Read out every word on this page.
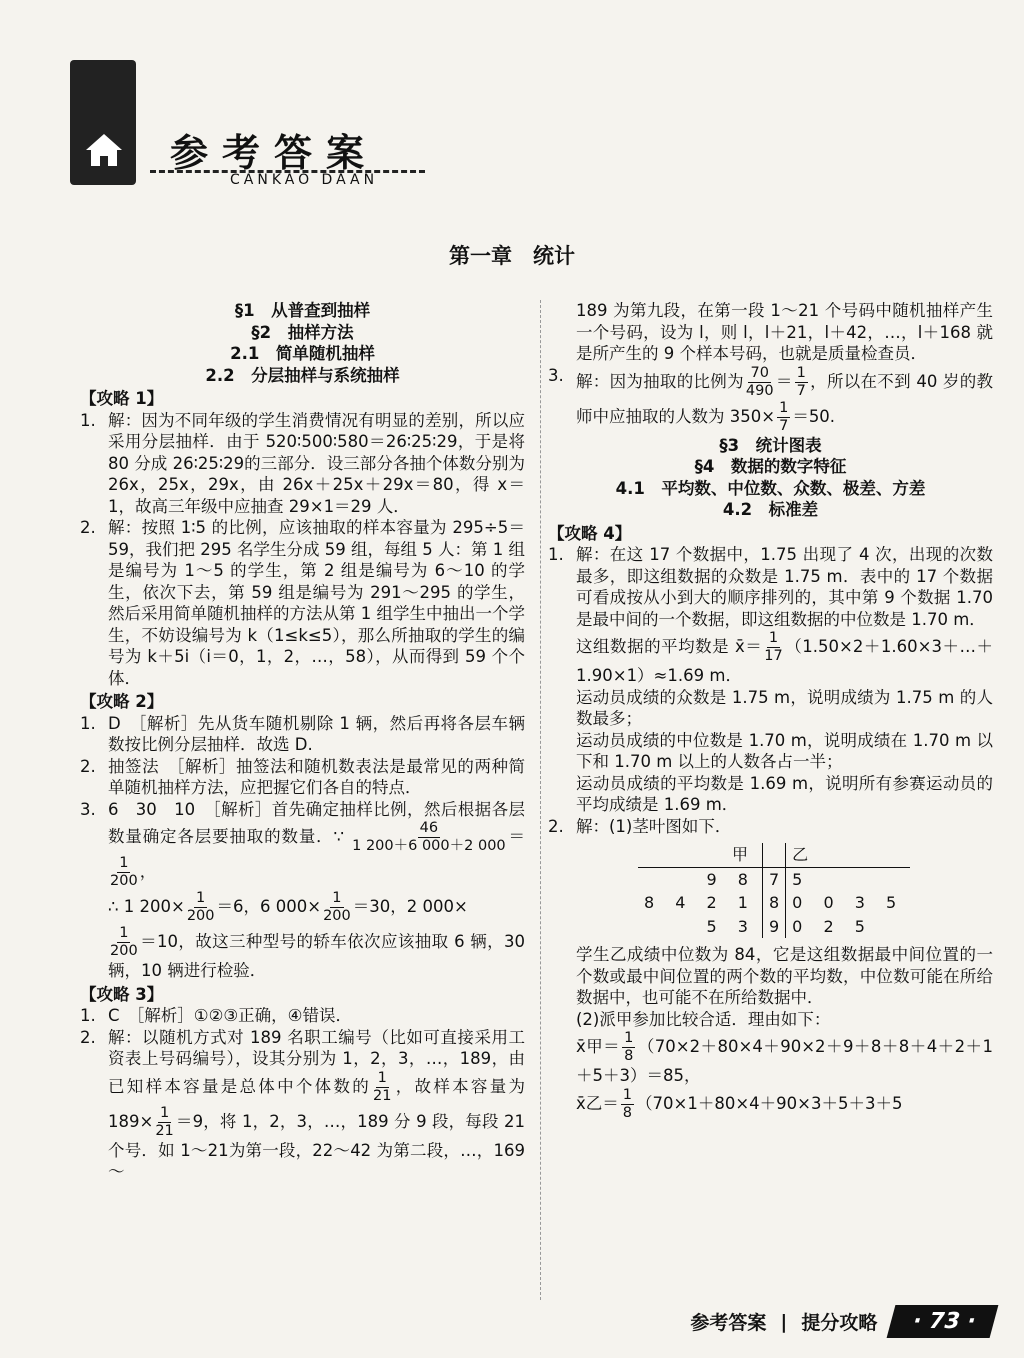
参考答案
CANKAO DAAN
第一章　统计
§1　从普查到抽样
§2　抽样方法
2.1　简单随机抽样
2.2　分层抽样与系统抽样
【攻略 1】
1. 解：因为不同年级的学生消费情况有明显的差别，所以应采用分层抽样．由于 520∶500∶580＝26∶25∶29，于是将 80 分成 26∶25∶29的三部分．设三部分各抽个体数分别为 26x，25x，29x，由 26x＋25x＋29x＝80，得 x＝1，故高三年级中应抽查 29×1＝29 人．
2. 解：按照 1∶5 的比例，应该抽取的样本容量为 295÷5＝59，我们把 295 名学生分成 59 组，每组 5 人：第 1 组是编号为 1～5 的学生，第 2 组是编号为 6～10 的学生，依次下去，第 59 组是编号为 291～295 的学生，然后采用简单随机抽样的方法从第 1 组学生中抽出一个学生，不妨设编号为 k（1≤k≤5），那么所抽取的学生的编号为 k＋5i（i＝0，1，2，…，58），从而得到 59 个个体．
【攻略 2】
1. D　［解析］先从货车随机剔除 1 辆，然后再将各层车辆数按比例分层抽样．故选 D.
2. 抽签法　［解析］抽签法和随机数表法是最常见的两种简单随机抽样方法，应把握它们各自的特点．
3. 6　30　10　［解析］首先确定抽样比例，然后根据各层数量确定各层要抽取的数量．∵ $\frac{46}{1 200+6 000+2 000}$ ＝
$\frac{1}{200}$ ，
∴ 1 $200\times \frac{1}{200} =6$，6 $000\times \frac{1}{200} =30$，2 000×

$\frac{1}{200} =10$，故这三种型号的轿车依次应该抽取 6 辆，30 辆，10 辆进行检验．
【攻略 3】
1. C　［解析］①②③正确，④错误．
2. 解：以随机方式对 189 名职工编号（比如可直接采用工资表上号码编号），设其分别为 1，2，3，…，189，由已知样本容量是总体中个体数的 $\frac{1}{21}$ ，故样本容量为 $189\times \frac{1}{21} =9$，将 1，2，3，…，189 分 9 段，每段 21 个号．如 1～21为第一段，22～42 为第二段，…，169～
189 为第九段，在第一段 1～21 个号码中随机抽样产生一个号码，设为 l，则 l，l＋21，l＋42，…，l＋168 就是所产生的 9 个样本号码，也就是质量检查员．
3. 解：因为抽取的比例为 $\frac{70}{490} = \frac{1}{7}$ ，所以在不到 40 岁的教师中应抽取的人数为 $350\times \frac{1}{7} =50$.
§3　统计图表
§4　数据的数字特征
4.1　平均数、中位数、众数、极差、方差
4.2　标准差
【攻略 4】
1. 解：在这 17 个数据中，1.75 出现了 4 次，出现的次数最多，即这组数据的众数是 1.75 m．表中的 17 个数据可看成按从小到大的顺序排列的，其中第 9 个数据 1.70 是最中间的一个数据，即这组数据的中位数是 1.70 m．
这组数据的平均数是 x̄＝ $\frac{1}{17}$ （1.50×2＋1.60×3＋…＋1.90×1）≈1.69 m．
运动员成绩的众数是 1.75 m，说明成绩为 1.75 m 的人数最多；
运动员成绩的中位数是 1.70 m，说明成绩在 1.70 m 以下和 1.70 m 以上的人数各占一半；
运动员成绩的平均数是 1.69 m，说明所有参赛运动员的平均成绩是 1.69 m．
2. 解：(1)茎叶图如下．
甲		乙
9 8	7	5
8 4 2 1	8	0 0 3 5
5 3	9	0 2 5
学生乙成绩中位数为 84，它是这组数据最中间位置的一个数或最中间位置的两个数的平均数，中位数可能在所给数据中，也可能不在所给数据中．
(2)派甲参加比较合适．理由如下：
x̄甲＝ $\frac{1}{8} (70\times 2+80\times 4+90\times 2+9+8+8+4+2+1+5+3)=85$，
x̄乙＝ $\frac{1}{8} (70\times 1+80\times 4+90\times 3+5+3+5$
参考答案 | 提分攻略	· 73 ·
